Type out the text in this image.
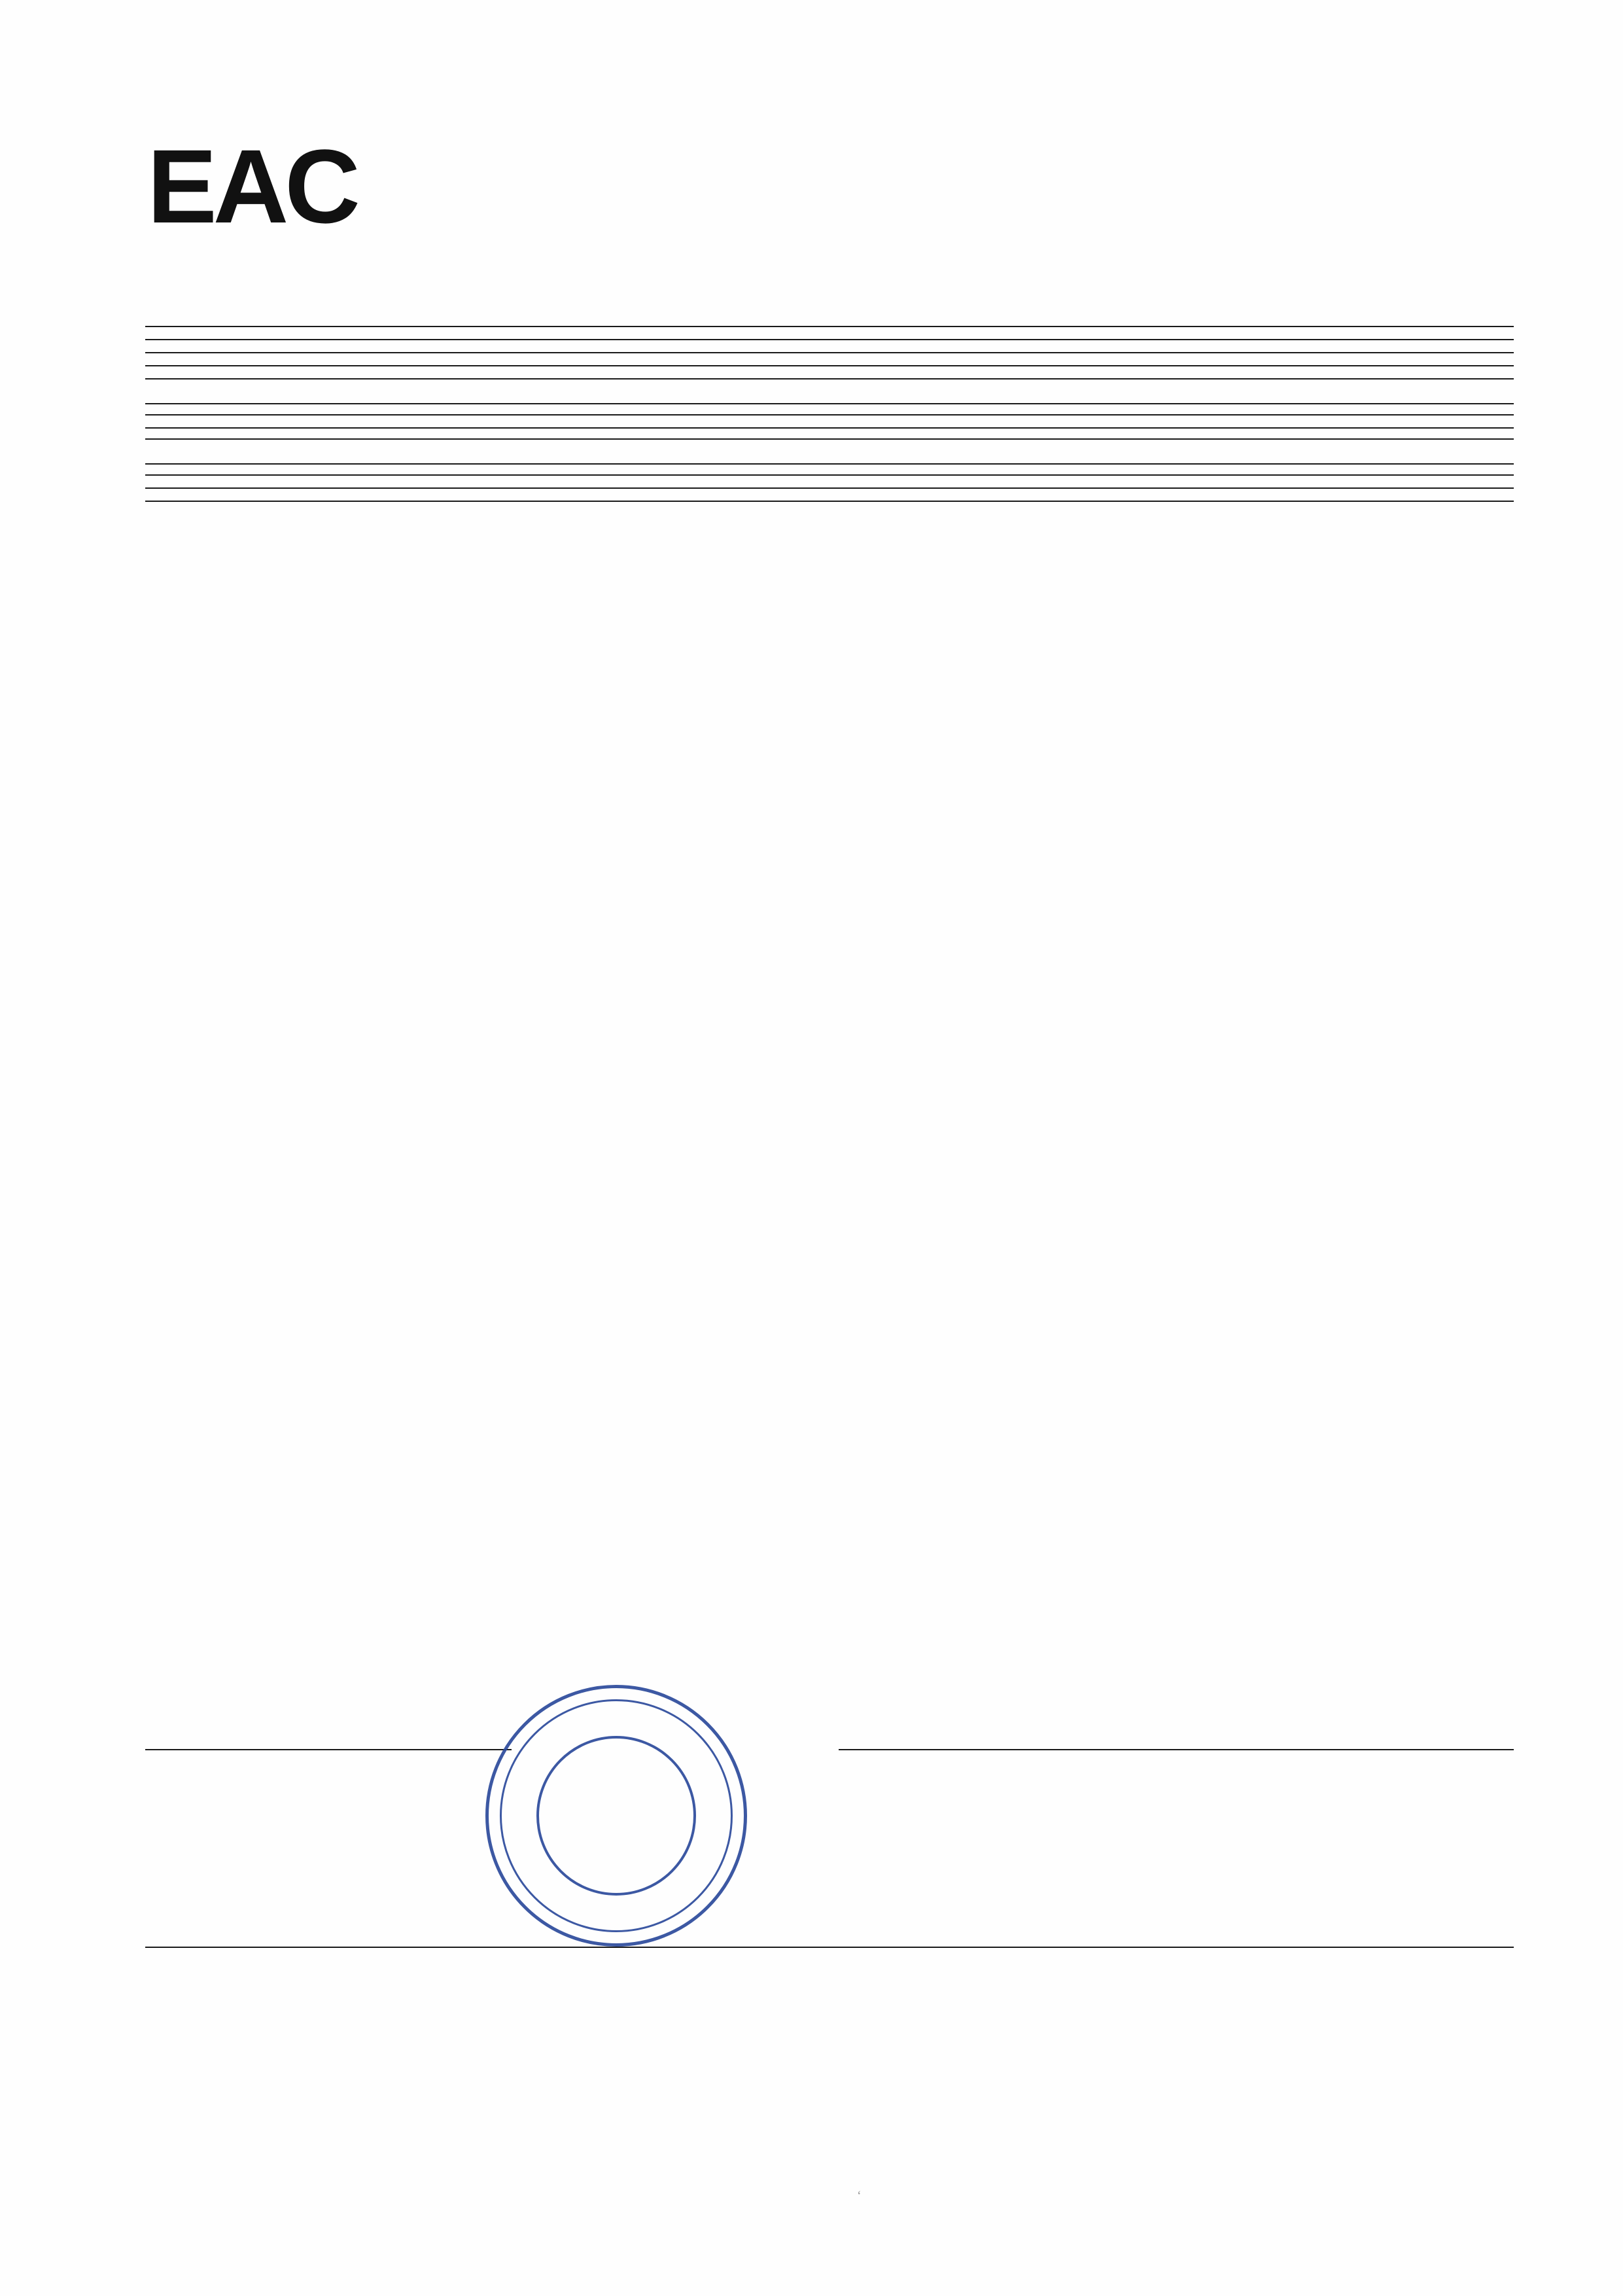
ЕАC
ʻ
